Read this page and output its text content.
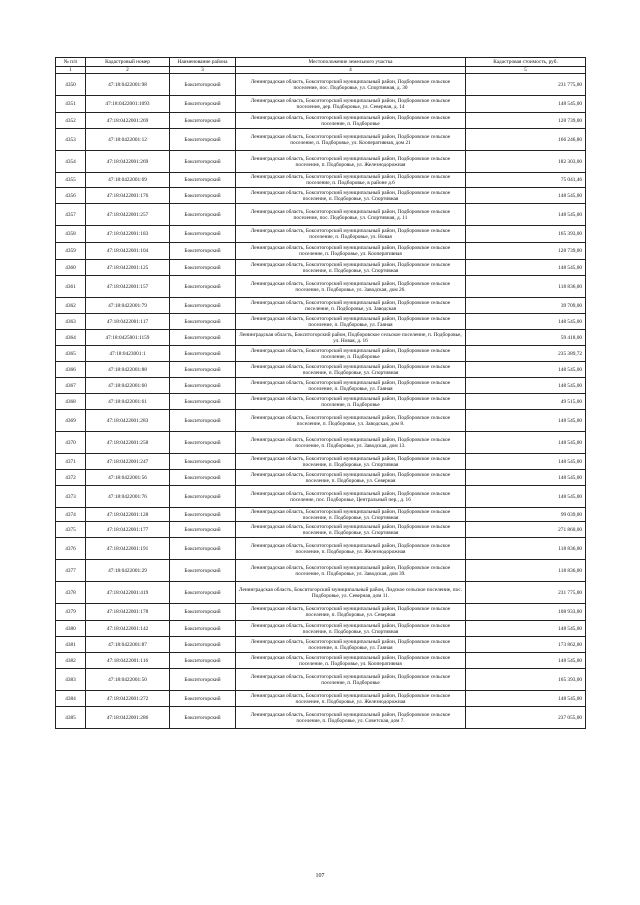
№ п/п	Кадастровый номер	Наименование района	Местоположение земельного участка	Кадастровая стоимость, руб.
1	2	3	4	5
4350	47:18:0422001:98	Бокситогорский	Ленинградская область, Бокситогорский муниципальный район, Подборовское сельское поселение, пос. Подборовье, ул. Спортивная, д. 30	231 775,00
4351	47:18:0422001:1093	Бокситогорский	Ленинградская область, Бокситогорский муниципальный район, Подборовское сельское поселение, дер. Подборовье, ул. Северная, д. 14	148 545,00
4352	47:18:0422001:269	Бокситогорский	Ленинградская область, Бокситогорский муниципальный район, Подборовское сельское поселение, п. Подборовье	128 739,00
4353	47:18:0422001:12	Бокситогорский	Ленинградская область, Бокситогорский муниципальный район, Подборовское сельское поселение, п. Подборовье, ул. Кооперативная, дом 21	166 246,80
4354	47:18:0422001:269	Бокситогорский	Ленинградская область, Бокситогорский муниципальный район, Подборовское сельское поселение, п. Подборовье, ул. Железнодорожная	182 303,00
4355	47:18:0422001:69	Бокситогорский	Ленинградская область, Бокситогорский муниципальный район, Подборовское сельское поселение, п. Подборовье, в районе д.6	75 041,46
4356	47:18:0422001:176	Бокситогорский	Ленинградская область, Бокситогорский муниципальный район, Подборовское сельское поселение, п. Подборовье, ул. Спортивная	148 545,00
4357	47:18:0422001:257	Бокситогорский	Ленинградская область, Бокситогорский муниципальный район, Подборовское сельское поселение, пос. Подборовье, ул. Спортивная, д. 11	148 545,00
4358	47:18:0422001:183	Бокситогорский	Ленинградская область, Бокситогорский муниципальный район, Подборовское сельское поселение, п. Подборовье, ул. Новая	165 393,00
4359	47:18:0422001:104	Бокситогорский	Ленинградская область, Бокситогорский муниципальный район, Подборовское сельское поселение, п. Подборовье, ул. Кооперативная	128 739,00
4360	47:18:0422001:125	Бокситогорский	Ленинградская область, Бокситогорский муниципальный район, Подборовское сельское поселение, п. Подборовье, ул. Спортивная	148 545,00
4361	47:18:0422001:157	Бокситогорский	Ленинградская область, Бокситогорский муниципальный район, Подборовское сельское поселение, п. Подборовье, ул. Заводская, дом 26.	118 836,00
4362	47:18:0422001:79	Бокситогорский	Ленинградская область, Бокситогорский муниципальный район, Подборовское сельское поселение, п. Подборовье, ул. Заводская	39 709,00
4363	47:18:0422001:117	Бокситогорский	Ленинградская область, Бокситогорский муниципальный район, Подборовское сельское поселение, п. Подборовье, ул. Гаяная	148 545,00
4364	47:18:0425001:1159	Бокситогорский	Ленинградская область, Бокситогорский район, Подборовское сельское поселение, п. Подборовье, ул. Новая, д. 16	59 418,00
4365	47:18:0423001:1	Бокситогорский	Ленинградская область, Бокситогорский муниципальный район, Подборовское сельское поселение, п. Подборовье	235 389,72
4366	47:18:0422001:88	Бокситогорский	Ленинградская область, Бокситогорский муниципальный район, Подборовское сельское поселение, п. Подборовье, ул. Спортивная	148 545,00
4367	47:18:0422001:60	Бокситогорский	Ленинградская область, Бокситогорский муниципальный район, Подборовское сельское поселение, п. Подборовье, ул. Гаяная	148 545,00
4368	47:18:0422001:61	Бокситогорский	Ленинградская область, Бокситогорский муниципальный район, Подборовское сельское поселение, п. Подборовье	49 515,00
4369	47:18:0422001:283	Бокситогорский	Ленинградская область, Бокситогорский муниципальный район, Подборовское сельское поселение, п. Подборовье, ул. Заводская, дом 8.	148 545,00
4370	47:18:0422001:258	Бокситогорский	Ленинградская область, Бокситогорский муниципальный район, Подборовское сельское поселение, п. Подборовье, ул. Заводская, дом 13.	148 545,00
4371	47:18:0422001:247	Бокситогорский	Ленинградская область, Бокситогорский муниципальный район, Подборовское сельское поселение, п. Подборовье, ул. Спортивная	148 545,00
4372	47:18:0422001:56	Бокситогорский	Ленинградская область, Бокситогорский муниципальный район, Подборовское сельское поселение, п. Подборовье, ул. Северная	148 545,00
4373	47:18:0422001:76	Бокситогорский	Ленинградская область, Бокситогорский муниципальный район, Подборовское сельское поселение, пос. Подборовье, Центральный пер., д. 16	148 545,00
4374	47:18:0422001:128	Бокситогорский	Ленинградская область, Бокситогорский муниципальный район, Подборовское сельское поселение, п. Подборовье, ул. Спортивная	99 039,00
4375	47:18:0422001:177	Бокситогорский	Ленинградская область, Бокситогорский муниципальный район, Подборовское сельское поселение, п. Подборовье, ул. Спортивная	271 860,00
4376	47:18:0422001:191	Бокситогорский	Ленинградская область, Бокситогорский муниципальный район, Подборовское сельское поселение, п. Подборовье, ул. Железнодорожная	118 836,00
4377	47:18:0422001:29	Бокситогорский	Ленинградская область, Бокситогорский муниципальный район, Подборовское сельское поселение, п. Подборовье, ул. Заводская, дом 39.	118 836,00
4378	47:18:0422001:419	Бокситогорский	Ленинградская область, Бокситогорский муниципальный район, Лидское сельское поселение, пос. Подборовье, ул. Северная, дом 11.	231 775,00
4379	47:18:0422001:178	Бокситогорский	Ленинградская область, Бокситогорский муниципальный район, Подборовское сельское поселение, п. Подборовье, ул. Северная	108 933,00
4380	47:18:0422001:142	Бокситогорский	Ленинградская область, Бокситогорский муниципальный район, Подборовское сельское поселение, п. Подборовье, ул. Спортивная	148 545,00
4381	47:18:0422001:87	Бокситогорский	Ленинградская область, Бокситогорский муниципальный район, Подборовское сельское поселение, п. Подборовье, ул. Гаяная	173 862,00
4382	47:18:0422001:116	Бокситогорский	Ленинградская область, Бокситогорский муниципальный район, Подборовское сельское поселение, п. Подборовье, ул. Кооперативная	148 545,00
4383	47:18:0422001:50	Бокситогорский	Ленинградская область, Бокситогорский муниципальный район, Подборовское сельское поселение, п. Подборовье	165 393,00
4384	47:18:0422001:272	Бокситогорский	Ленинградская область, Бокситогорский муниципальный район, Подборовское сельское поселение, п. Подборовье, ул. Железнодорожная	148 545,00
4385	47:18:0422001:286	Бокситогорский	Ленинградская область, Бокситогорский муниципальный район, Подборовское сельское поселение, п. Подборовье, ул. Советская, дом 7.	237 055,00
107
